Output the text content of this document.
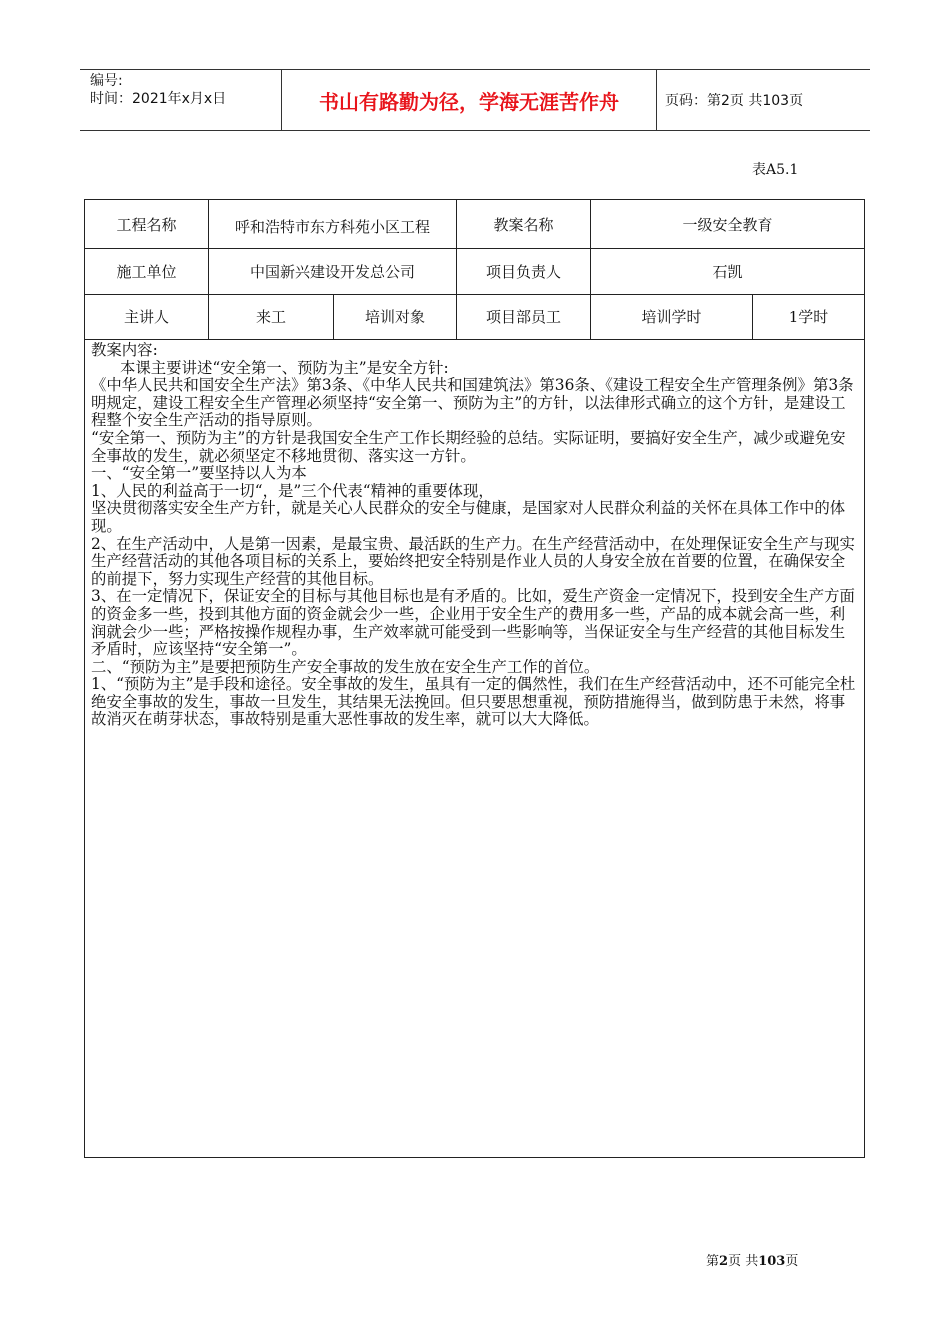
编号:
时间：2021年x月x日	书山有路勤为径，学海无涯苦作舟	页码：第2页 共103页
表A5.1
工程名称	呼和浩特市东方科苑小区工程	教案名称	一级安全教育
施工单位	中国新兴建设开发总公司	项目负责人	石凯
主讲人	来工	培训对象	项目部员工	培训学时	1学时

教案内容:

本课主要讲述“安全第一、预防为主”是安全方针:

《中华人民共和国安全生产法》第3条、《中华人民共和国建筑法》第36条、《建设工程安全生产管理条例》第3条明规定，建设工程安全生产管理必须坚持“安全第一、预防为主”的方针，以法律形式确立的这个方针，是建设工程整个安全生产活动的指导原则。

“安全第一、预防为主”的方针是我国安全生产工作长期经验的总结。实际证明，要搞好安全生产，减少或避免安全事故的发生，就必须坚定不移地贯彻、落实这一方针。

一、“安全第一”要坚持以人为本

1、人民的利益高于一切“，是”三个代表“精神的重要体现，

坚决贯彻落实安全生产方针，就是关心人民群众的安全与健康，是国家对人民群众利益的关怀在具体工作中的体现。

2、在生产活动中，人是第一因素，是最宝贵、最活跃的生产力。在生产经营活动中，在处理保证安全生产与现实生产经营活动的其他各项目标的关系上，要始终把安全特别是作业人员的人身安全放在首要的位置，在确保安全的前提下，努力实现生产经营的其他目标。

3、在一定情况下，保证安全的目标与其他目标也是有矛盾的。比如，爱生产资金一定情况下，投到安全生产方面的资金多一些，投到其他方面的资金就会少一些，企业用于安全生产的费用多一些，产品的成本就会高一些，利润就会少一些；严格按操作规程办事，生产效率就可能受到一些影响等，当保证安全与生产经营的其他目标发生矛盾时，应该坚持“安全第一”。

二、“预防为主”是要把预防生产安全事故的发生放在安全生产工作的首位。

1、“预防为主”是手段和途径。安全事故的发生，虽具有一定的偶然性，我们在生产经营活动中，还不可能完全杜绝安全事故的发生，事故一旦发生，其结果无法挽回。但只要思想重视，预防措施得当，做到防患于未然，将事故消灭在萌芽状态，事故特别是重大恶性事故的发生率，就可以大大降低。

第2页 共103页
